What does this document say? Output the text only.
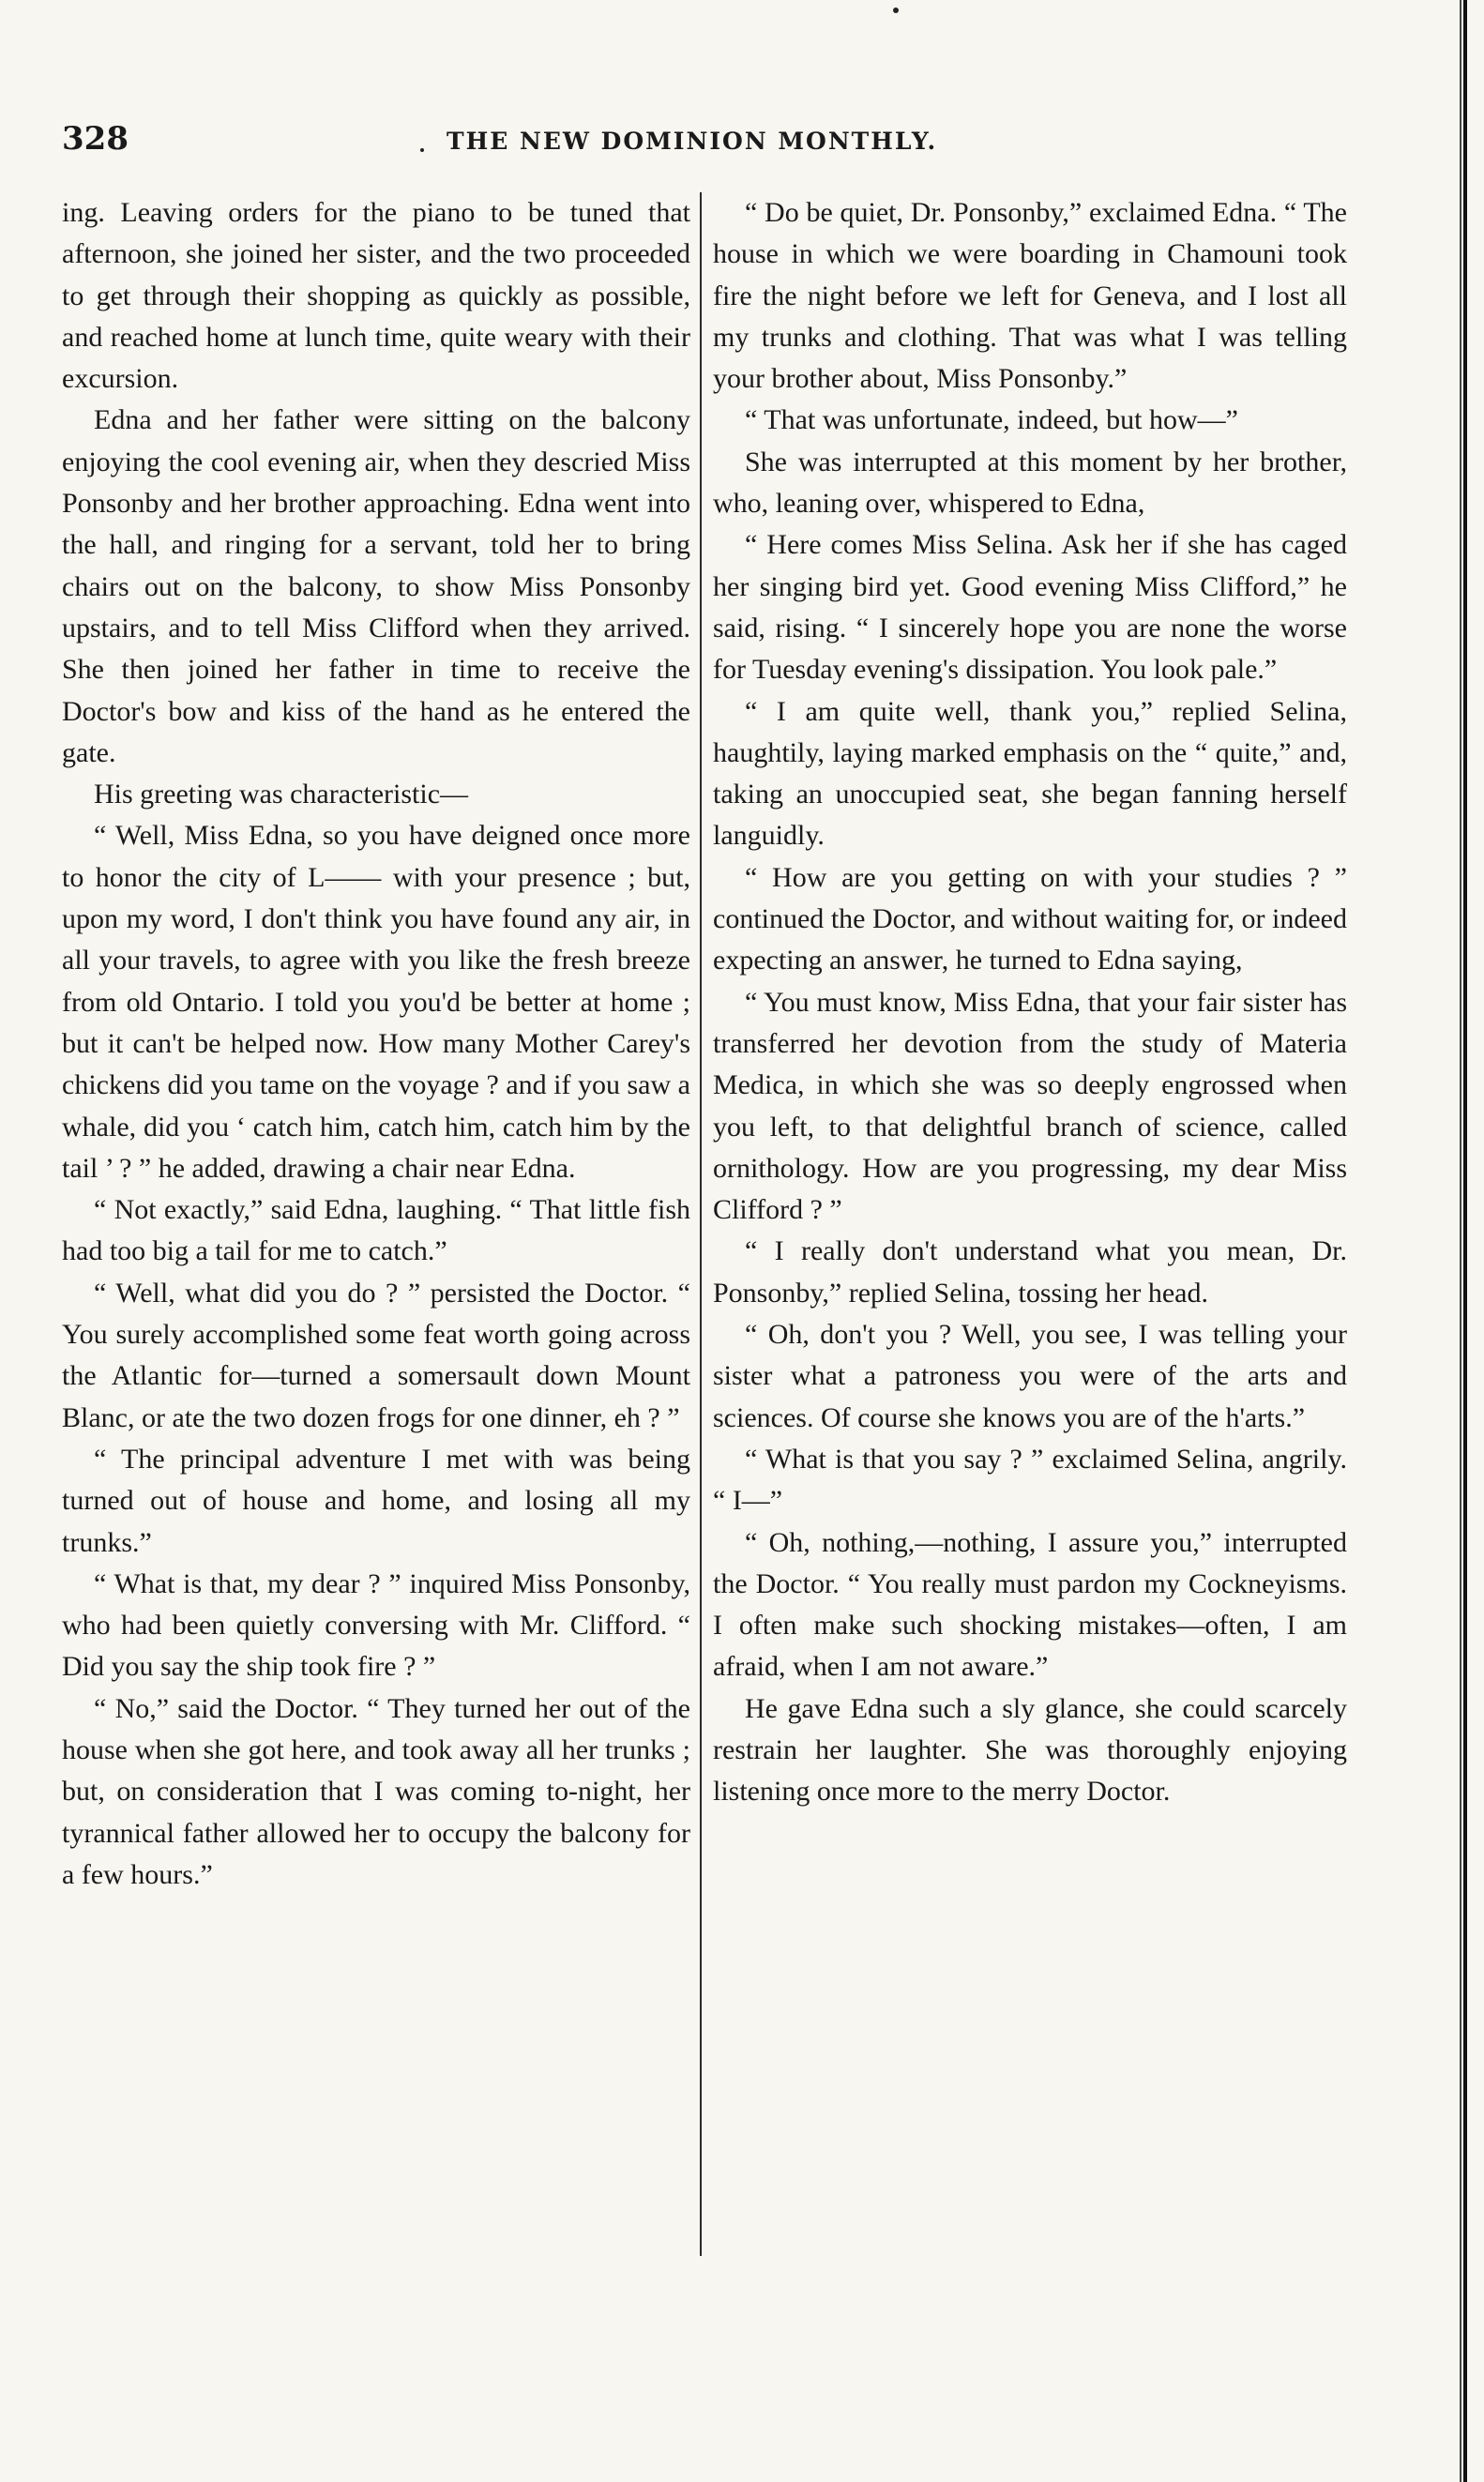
328	THE NEW DOMINION MONTHLY.

ing. Leaving orders for the piano to be tuned that afternoon, she joined her sister, and the two proceeded to get through their shopping as quickly as possible, and reached home at lunch time, quite weary with their excursion.

Edna and her father were sitting on the balcony enjoying the cool evening air, when they descried Miss Ponsonby and her brother approaching. Edna went into the hall, and ringing for a servant, told her to bring chairs out on the balcony, to show Miss Ponsonby upstairs, and to tell Miss Clifford when they arrived. She then joined her father in time to receive the Doctor's bow and kiss of the hand as he entered the gate.

His greeting was characteristic—

“ Well, Miss Edna, so you have deigned once more to honor the city of L—— with your presence ; but, upon my word, I don't think you have found any air, in all your travels, to agree with you like the fresh breeze from old Ontario. I told you you'd be better at home ; but it can't be helped now. How many Mother Carey's chickens did you tame on the voyage ? and if you saw a whale, did you ‘ catch him, catch him, catch him by the tail ’ ? ” he added, drawing a chair near Edna.

“ Not exactly,” said Edna, laughing. “ That little fish had too big a tail for me to catch.”

“ Well, what did you do ? ” persisted the Doctor. “ You surely accomplished some feat worth going across the Atlantic for—turned a somersault down Mount Blanc, or ate the two dozen frogs for one dinner, eh ? ”

“ The principal adventure I met with was being turned out of house and home, and losing all my trunks.”

“ What is that, my dear ? ” inquired Miss Ponsonby, who had been quietly conversing with Mr. Clifford. “ Did you say the ship took fire ? ”

“ No,” said the Doctor. “ They turned her out of the house when she got here, and took away all her trunks ; but, on consideration that I was coming to-night, her tyrannical father allowed her to occupy the balcony for a few hours.”

“ Do be quiet, Dr. Ponsonby,” exclaimed Edna. “ The house in which we were boarding in Chamouni took fire the night before we left for Geneva, and I lost all my trunks and clothing. That was what I was telling your brother about, Miss Ponsonby.”

“ That was unfortunate, indeed, but how—”

She was interrupted at this moment by her brother, who, leaning over, whispered to Edna,

“ Here comes Miss Selina. Ask her if she has caged her singing bird yet. Good evening Miss Clifford,” he said, rising. “ I sincerely hope you are none the worse for Tuesday evening's dissipation. You look pale.”

“ I am quite well, thank you,” replied Selina, haughtily, laying marked emphasis on the “ quite,” and, taking an unoccupied seat, she began fanning herself languidly.

“ How are you getting on with your studies ? ” continued the Doctor, and without waiting for, or indeed expecting an answer, he turned to Edna saying,

“ You must know, Miss Edna, that your fair sister has transferred her devotion from the study of Materia Medica, in which she was so deeply engrossed when you left, to that delightful branch of science, called ornithology. How are you progressing, my dear Miss Clifford ? ”

“ I really don't understand what you mean, Dr. Ponsonby,” replied Selina, tossing her head.

“ Oh, don't you ? Well, you see, I was telling your sister what a patroness you were of the arts and sciences. Of course she knows you are of the h'arts.”

“ What is that you say ? ” exclaimed Selina, angrily. “ I—”

“ Oh, nothing,—nothing, I assure you,” interrupted the Doctor. “ You really must pardon my Cockneyisms. I often make such shocking mistakes—often, I am afraid, when I am not aware.”

He gave Edna such a sly glance, she could scarcely restrain her laughter. She was thoroughly enjoying listening once more to the merry Doctor.
